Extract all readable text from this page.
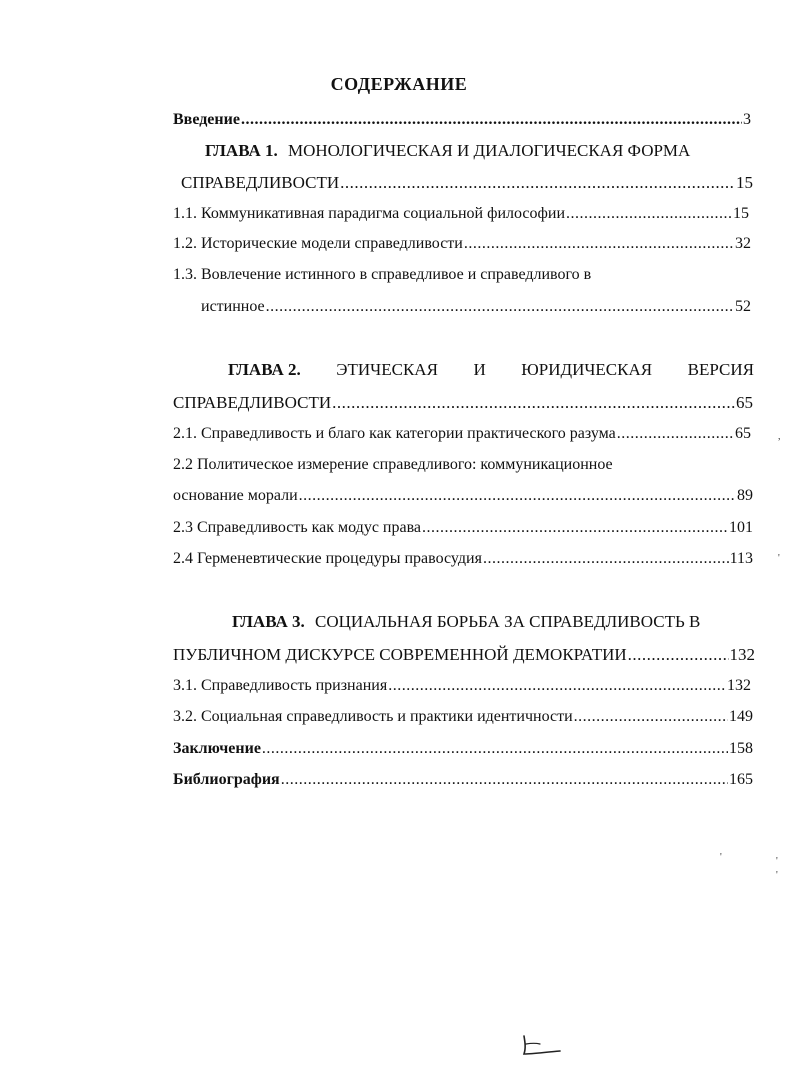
СОДЕРЖАНИЕ
Введение .....	3
ГЛАВА 1. МОНОЛОГИЧЕСКАЯ И ДИАЛОГИЧЕСКАЯ ФОРМА
СПРАВЕДЛИВОСТИ .....	15
1.1. Коммуникативная парадигма социальной философии .....	15
1.2. Исторические модели справедливости .....	32
1.3. Вовлечение истинного в справедливое и справедливого в
истинное .....	52
ГЛАВА 2. ЭТИЧЕСКАЯ И ЮРИДИЧЕСКАЯ ВЕРСИЯ
СПРАВЕДЛИВОСТИ .....	65
2.1. Справедливость и благо как категории практического разума .....	65
2.2 Политическое измерение справедливого: коммуникационное
основание морали .....	89
2.3 Справедливость как модус права .....	101
2.4 Герменевтические процедуры правосудия .....	113
ГЛАВА 3. СОЦИАЛЬНАЯ БОРЬБА ЗА СПРАВЕДЛИВОСТЬ В
ПУБЛИЧНОМ ДИСКУРСЕ СОВРЕМЕННОЙ ДЕМОКРАТИИ .....	132
3.1. Справедливость признания .....	132
3.2. Социальная справедливость и практики идентичности .....	149
Заключение .....	158
Библиография .....	165
,
'
'	'
'
